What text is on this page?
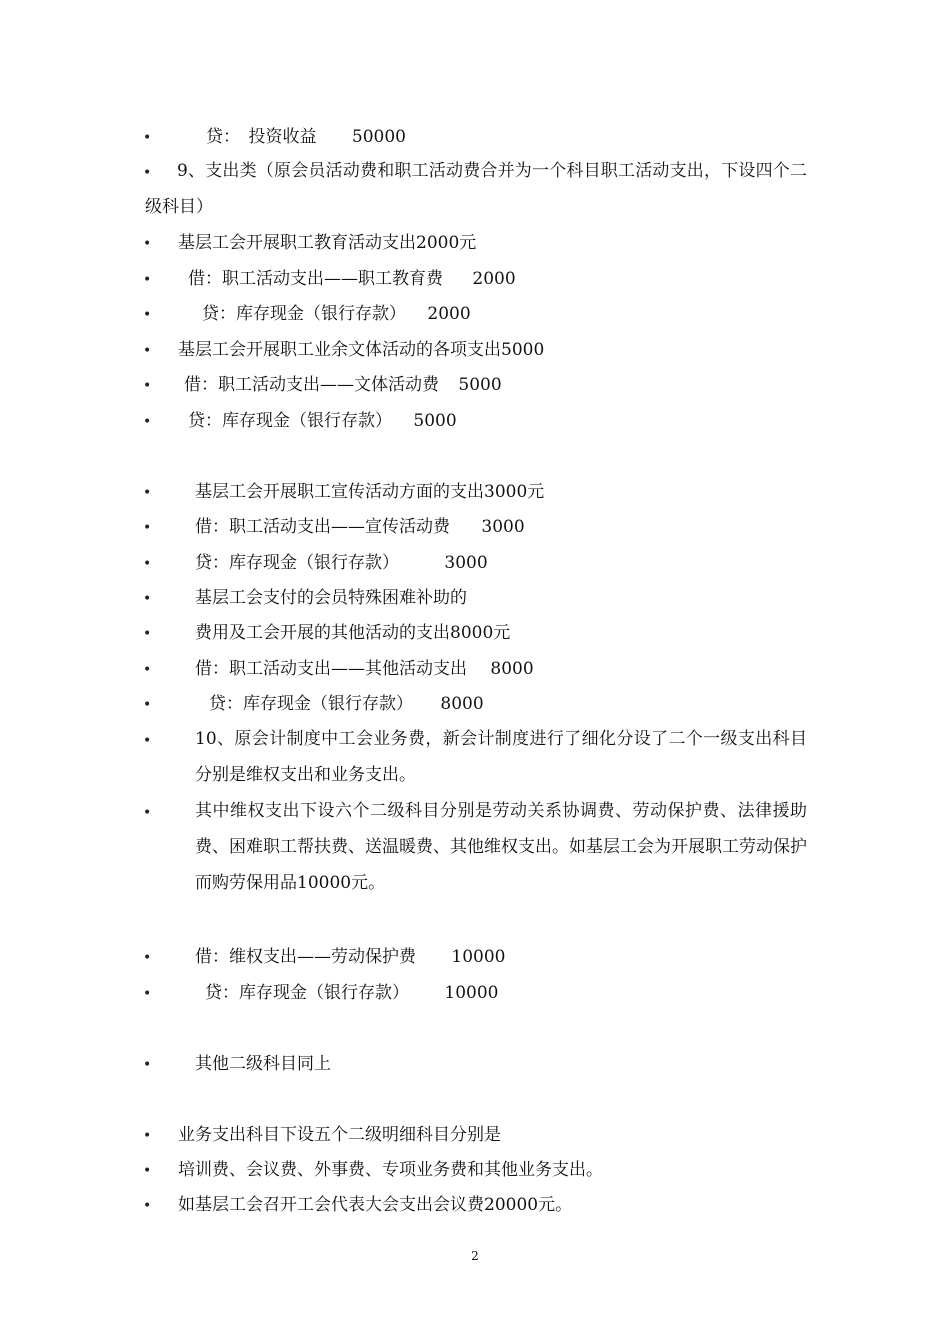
•	贷：　投资收益 50000
•	9、支出类（原会员活动费和职工活动费合并为一个科目职工活动支出，下设四个二级科目）
• 基层工会开展职工教育活动支出2000元
• 借：职工活动支出——职工教育费 2000
•	贷：库存现金（银行存款） 2000
• 基层工会开展职工业余文体活动的各项支出5000
• 借：职工活动支出——文体活动费 5000
• 贷：库存现金（银行存款） 5000
•	基层工会开展职工宣传活动方面的支出3000元
•	借：职工活动支出——宣传活动费 3000
•	贷：库存现金（银行存款）	3000
•	基层工会支付的会员特殊困难补助的
•	费用及工会开展的其他活动的支出8000元
•	借：职工活动支出——其他活动支出 8000
•	贷：库存现金（银行存款） 8000
•	10、原会计制度中工会业务费，新会计制度进行了细化分设了二个一级支出科目分别是维权支出和业务支出。
•	其中维权支出下设六个二级科目分别是劳动关系协调费、劳动保护费、法律援助费、困难职工帮扶费、送温暖费、其他维权支出。如基层工会为开展职工劳动保护而购劳保用品10000元。
•	借：维权支出——劳动保护费 10000
•	贷：库存现金（银行存款） 10000
•	其他二级科目同上
• 业务支出科目下设五个二级明细科目分别是
• 培训费、会议费、外事费、专项业务费和其他业务支出。
• 如基层工会召开工会代表大会支出会议费20000元。
2
